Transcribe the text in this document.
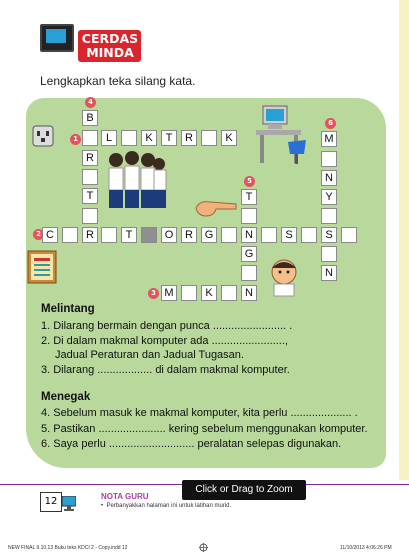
CERDAS
MINDA
Lengkapkan teka silang kata.
4
1
2
3
5
6
B
R
T
L	K	T	R	K	M
N
Y
N
T
G
C	R	T	O	R	G	N	S	S
M	K	N
Melintang
1. Dilarang bermain dengan punca ........................ .
2. Di dalam makmal komputer ada ........................,
Jadual Peraturan dan Jadual Tugasan.
3. Dilarang .................. di dalam makmal komputer.
Menegak
4. Sebelum masuk ke makmal komputer, kita perlu .................... .
5. Pastikan ...................... kering sebelum menggunakan komputer.
6. Saya perlu ............................ peralatan selepas digunakan.
12	NOTA GURU
•  Perbanyakkan halaman ini untuk latihan murid.
Click or Drag to Zoom
NEW FINAL 9.10.13 Buku teks KDCI 2 - Copy.indd 12	11/10/2013 4:06:26 PM
